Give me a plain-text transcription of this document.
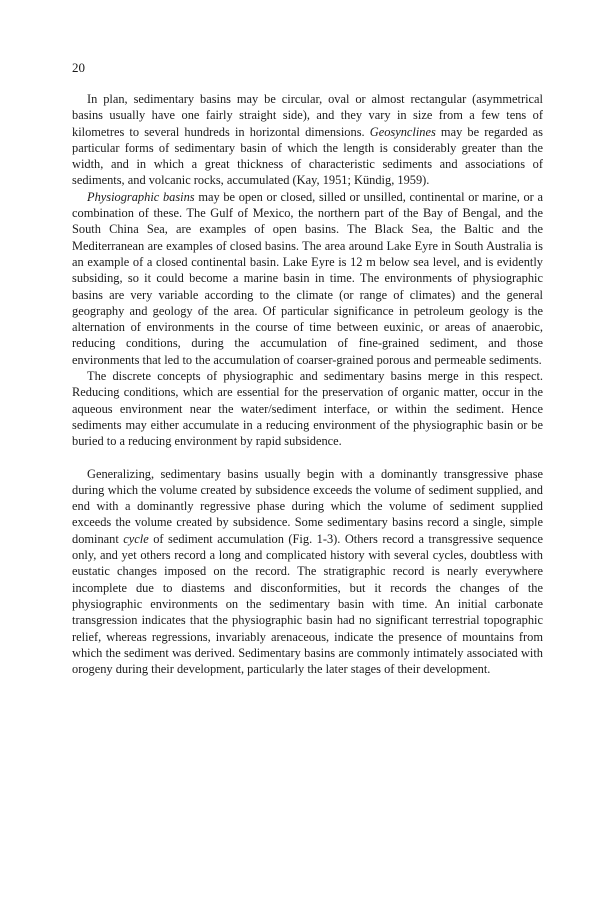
20

In plan, sedimentary basins may be circular, oval or almost rectangular (asymmetrical basins usually have one fairly straight side), and they vary in size from a few tens of kilometres to several hundreds in horizontal dimensions. Geosynclines may be regarded as particular forms of sedimentary basin of which the length is considerably greater than the width, and in which a great thickness of characteristic sediments and associations of sediments, and volcanic rocks, accumulated (Kay, 1951; Kündig, 1959).

Physiographic basins may be open or closed, silled or unsilled, continental or marine, or a combination of these. The Gulf of Mexico, the northern part of the Bay of Bengal, and the South China Sea, are examples of open basins. The Black Sea, the Baltic and the Mediterranean are examples of closed basins. The area around Lake Eyre in South Australia is an example of a closed continental basin. Lake Eyre is 12 m below sea level, and is evidently subsiding, so it could become a marine basin in time. The environments of physiographic basins are very variable according to the climate (or range of climates) and the general geography and geology of the area. Of particular significance in petroleum geology is the alternation of environments in the course of time between euxinic, or areas of anaerobic, reducing conditions, during the accumulation of fine-grained sediment, and those environments that led to the accumulation of coarser-grained porous and permeable sediments.

The discrete concepts of physiographic and sedimentary basins merge in this respect. Reducing conditions, which are essential for the preservation of organic matter, occur in the aqueous environment near the water/sediment interface, or within the sediment. Hence sediments may either accumulate in a reducing environment of the physiographic basin or be buried to a reducing environment by rapid subsidence.

Generalizing, sedimentary basins usually begin with a dominantly transgressive phase during which the volume created by subsidence exceeds the volume of sediment supplied, and end with a dominantly regressive phase during which the volume of sediment supplied exceeds the volume created by subsidence. Some sedimentary basins record a single, simple dominant cycle of sediment accumulation (Fig. 1-3). Others record a transgressive sequence only, and yet others record a long and complicated history with several cycles, doubtless with eustatic changes imposed on the record. The stratigraphic record is nearly everywhere incomplete due to diastems and disconformities, but it records the changes of the physiographic environments on the sedimentary basin with time. An initial carbonate transgression indicates that the physiographic basin had no significant terrestrial topographic relief, whereas regressions, invariably arenaceous, indicate the presence of mountains from which the sediment was derived. Sedimentary basins are commonly intimately associated with orogeny during their development, particularly the later stages of their development.
